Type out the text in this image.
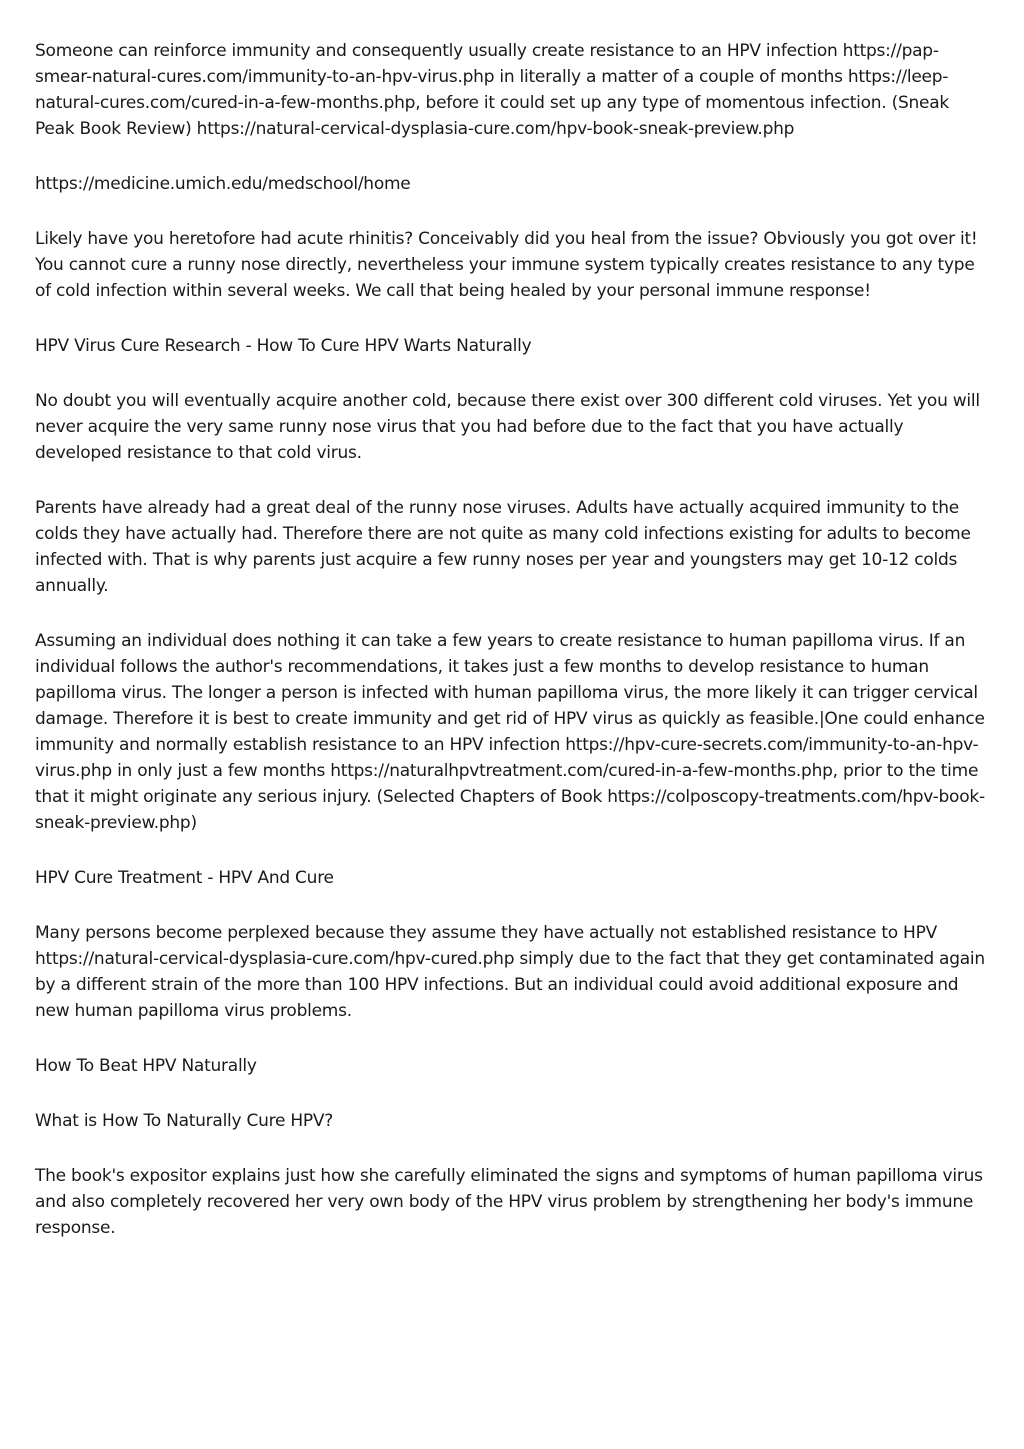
Someone can reinforce immunity and consequently usually create resistance to an HPV infection https://pap-smear-natural-cures.com/immunity-to-an-hpv-virus.php in literally a matter of a couple of months https://leep-natural-cures.com/cured-in-a-few-months.php, before it could set up any type of momentous infection. (Sneak Peak Book Review) https://natural-cervical-dysplasia-cure.com/hpv-book-sneak-preview.php

https://medicine.umich.edu/medschool/home

Likely have you heretofore had acute rhinitis? Conceivably did you heal from the issue? Obviously you got over it! You cannot cure a runny nose directly, nevertheless your immune system typically creates resistance to any type of cold infection within several weeks. We call that being healed by your personal immune response!

HPV Virus Cure Research - How To Cure HPV Warts Naturally

No doubt you will eventually acquire another cold, because there exist over 300 different cold viruses. Yet you will never acquire the very same runny nose virus that you had before due to the fact that you have actually developed resistance to that cold virus.

Parents have already had a great deal of the runny nose viruses. Adults have actually acquired immunity to the colds they have actually had. Therefore there are not quite as many cold infections existing for adults to become infected with. That is why parents just acquire a few runny noses per year and youngsters may get 10-12 colds annually.

Assuming an individual does nothing it can take a few years to create resistance to human papilloma virus. If an individual follows the author's recommendations, it takes just a few months to develop resistance to human papilloma virus. The longer a person is infected with human papilloma virus, the more likely it can trigger cervical damage. Therefore it is best to create immunity and get rid of HPV virus as quickly as feasible.|One could enhance immunity and normally establish resistance to an HPV infection https://hpv-cure-secrets.com/immunity-to-an-hpv-virus.php in only just a few months https://naturalhpvtreatment.com/cured-in-a-few-months.php, prior to the time that it might originate any serious injury. (Selected Chapters of Book https://colposcopy-treatments.com/hpv-book-sneak-preview.php)

HPV Cure Treatment - HPV And Cure

Many persons become perplexed because they assume they have actually not established resistance to HPV https://natural-cervical-dysplasia-cure.com/hpv-cured.php simply due to the fact that they get contaminated again by a different strain of the more than 100 HPV infections. But an individual could avoid additional exposure and new human papilloma virus problems.

How To Beat HPV Naturally

What is How To Naturally Cure HPV?

The book's expositor explains just how she carefully eliminated the signs and symptoms of human papilloma virus and also completely recovered her very own body of the HPV virus problem by strengthening her body's immune response.
